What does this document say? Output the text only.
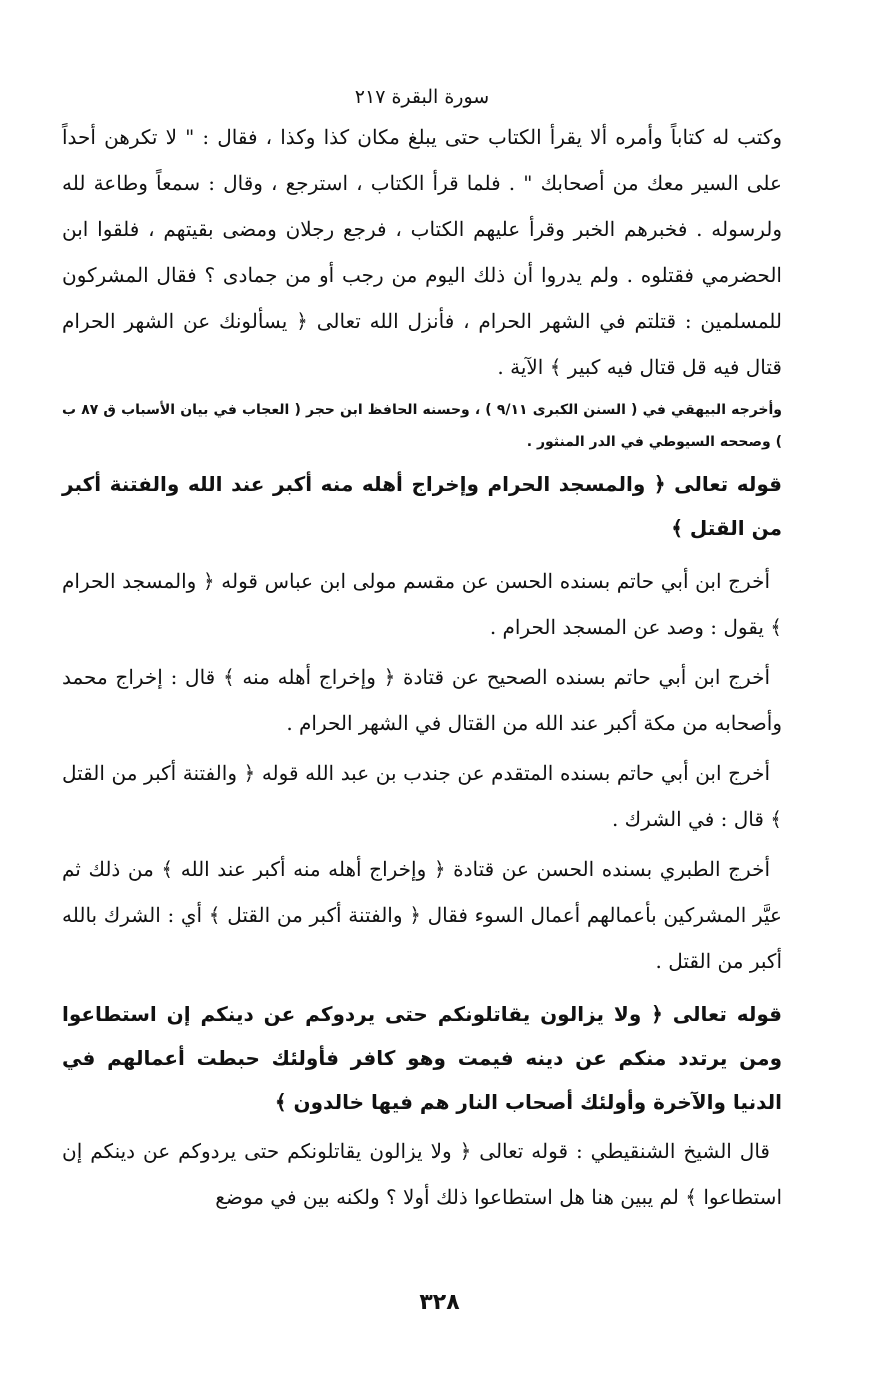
سورة البقرة ٢١٧

وكتب له كتاباً وأمره ألا يقرأ الكتاب حتى يبلغ مكان كذا وكذا ، فقال : " لا تكرهن أحداً على السير معك من أصحابك " . فلما قرأ الكتاب ، استرجع ، وقال : سمعاً وطاعة لله ولرسوله . فخبرهم الخبر وقرأ عليهم الكتاب ، فرجع رجلان ومضى بقيتهم ، فلقوا ابن الحضرمي فقتلوه . ولم يدروا أن ذلك اليوم من رجب أو من جمادى ؟ فقال المشركون للمسلمين : قتلتم في الشهر الحرام ، فأنزل الله تعالى ﴿ يسألونك عن الشهر الحرام قتال فيه قل قتال فيه كبير ﴾ الآية .

وأخرجه البيهقي في ( السنن الكبرى ٩/١١ ) ، وحسنه الحافظ ابن حجر ( العجاب في بيان الأسباب ق ٨٧ ب ) وصححه السيوطي في الدر المنثور .

قوله تعالى ﴿ والمسجد الحرام وإخراج أهله منه أكبر عند الله والفتنة أكبر من القتل ﴾

أخرج ابن أبي حاتم بسنده الحسن عن مقسم مولى ابن عباس قوله ﴿ والمسجد الحرام ﴾ يقول : وصد عن المسجد الحرام .

أخرج ابن أبي حاتم بسنده الصحيح عن قتادة ﴿ وإخراج أهله منه ﴾ قال : إخراج محمد وأصحابه من مكة أكبر عند الله من القتال في الشهر الحرام .

أخرج ابن أبي حاتم بسنده المتقدم عن جندب بن عبد الله قوله ﴿ والفتنة أكبر من القتل ﴾ قال : في الشرك .

أخرج الطبري بسنده الحسن عن قتادة ﴿ وإخراج أهله منه أكبر عند الله ﴾ من ذلك ثم عيَّر المشركين بأعمالهم أعمال السوء فقال ﴿ والفتنة أكبر من القتل ﴾ أي : الشرك بالله أكبر من القتل .

قوله تعالى ﴿ ولا يزالون يقاتلونكم حتى يردوكم عن دينكم إن استطاعوا ومن يرتدد منكم عن دينه فيمت وهو كافر فأولئك حبطت أعمالهم في الدنيا والآخرة وأولئك أصحاب النار هم فيها خالدون ﴾

قال الشيخ الشنقيطي : قوله تعالى ﴿ ولا يزالون يقاتلونكم حتى يردوكم عن دينكم إن استطاعوا ﴾ لم يبين هنا هل استطاعوا ذلك أولا ؟ ولكنه بين في موضع

٣٢٨
